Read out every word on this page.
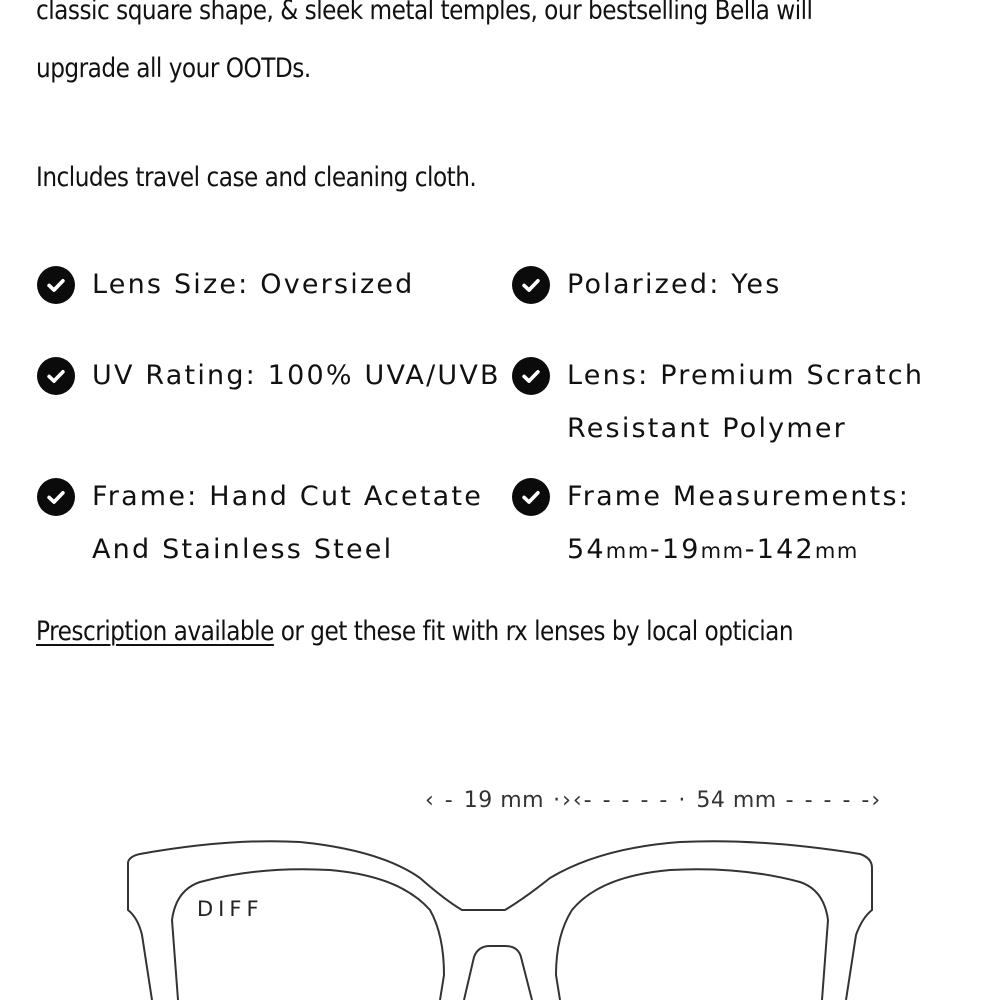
classic square shape, & sleek metal temples, our bestselling Bella will
upgrade all your OOTDs.
Includes travel case and cleaning cloth.
Lens Size: Oversized	Polarized: Yes
UV Rating: 100% UVA/UVB Lens: Premium Scratch
Resistant Polymer
Frame: Hand Cut Acetate
And Stainless Steel
Frame Measurements:
54mm-19mm-142mm
Prescription available or get these fit with rx lenses by local optician
‹ - 19 mm ·›‹- - - - - · 54 mm - - - - -›
DIFF
